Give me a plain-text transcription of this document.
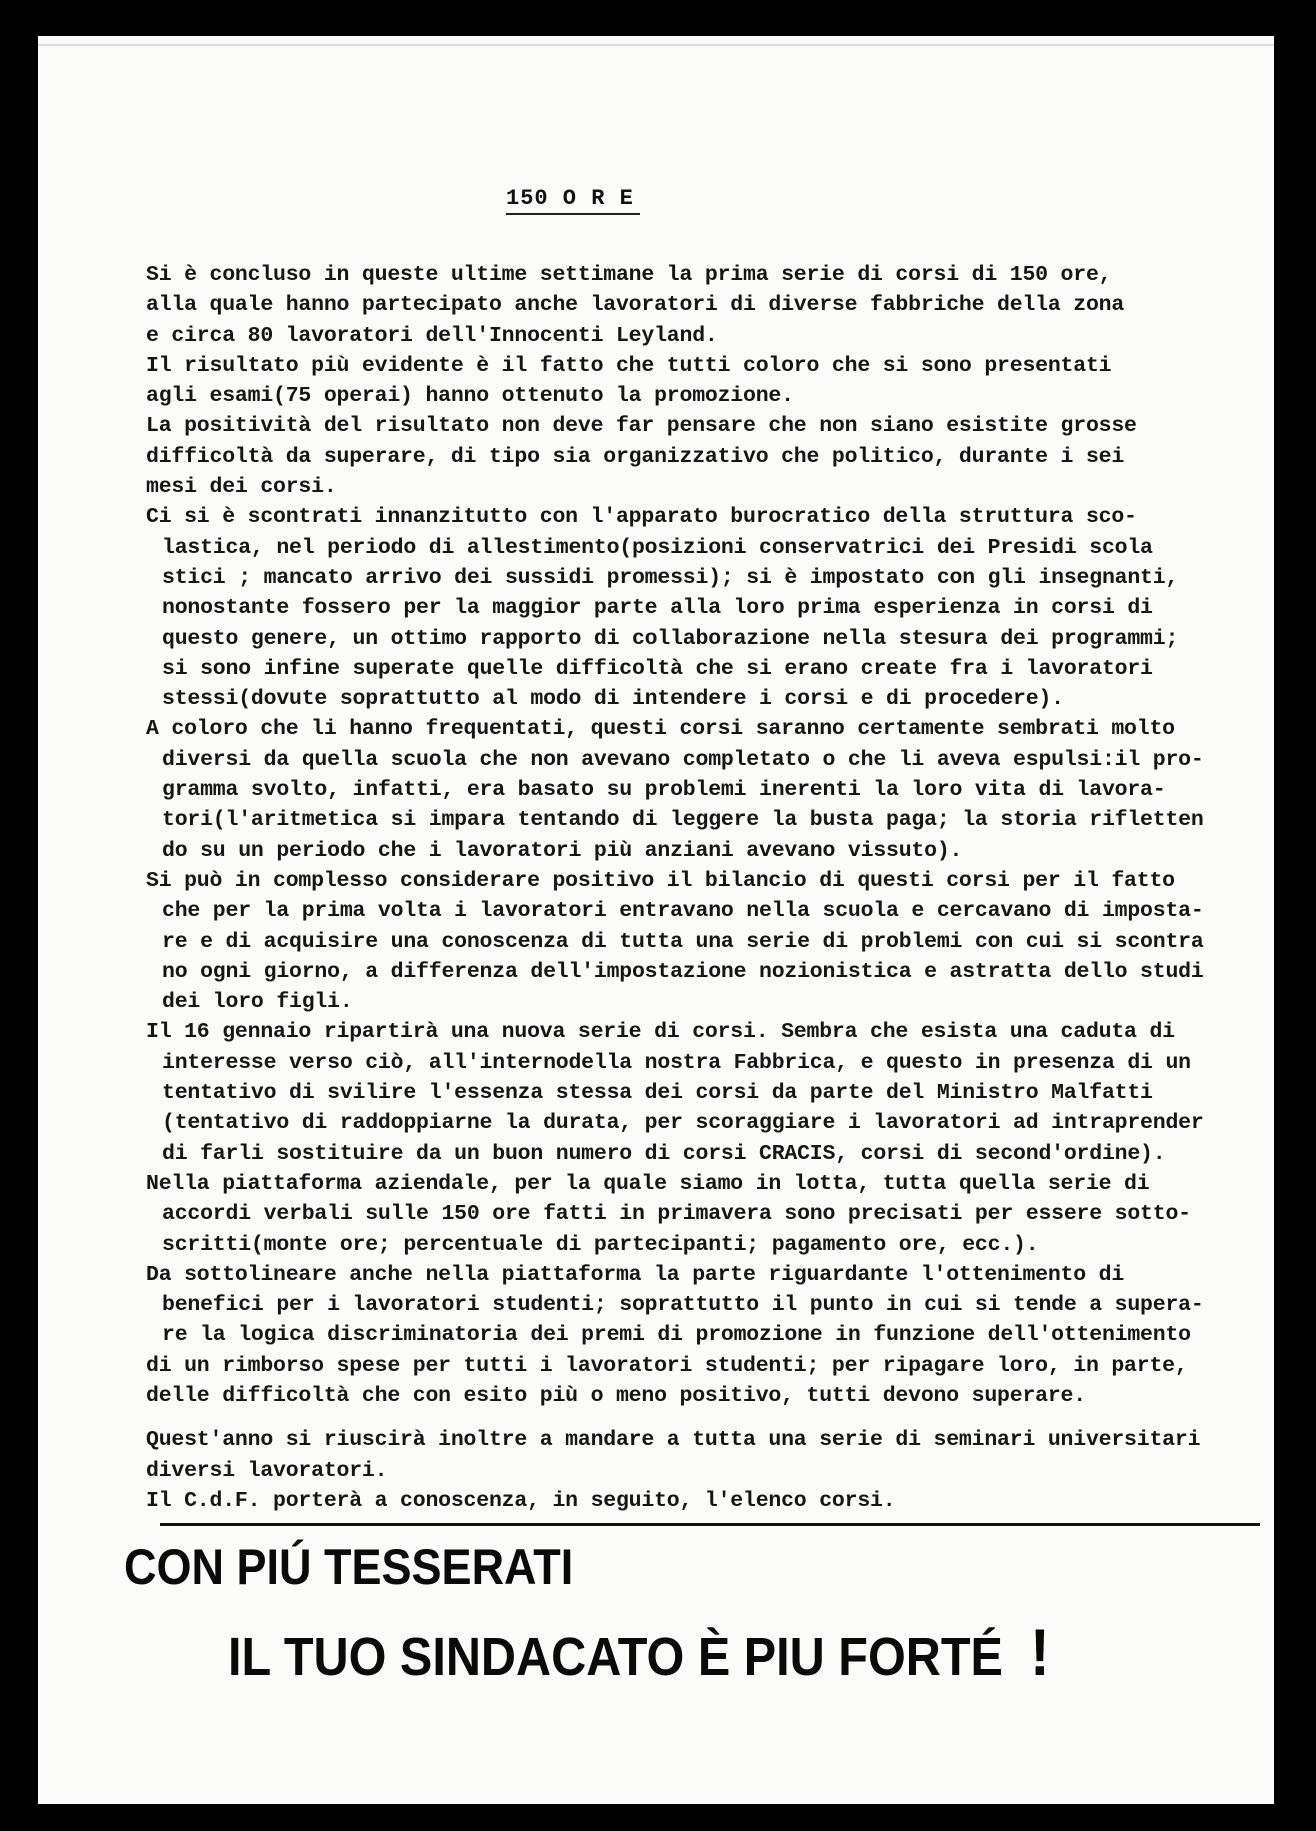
150 O R E

Si è concluso in queste ultime settimane la prima serie di corsi di 150 ore,

alla quale hanno partecipato anche lavoratori di diverse fabbriche della zona

e circa 80 lavoratori dell'Innocenti Leyland.

Il risultato più evidente è il fatto che tutti coloro che si sono presentati

agli esami(75 operai) hanno ottenuto la promozione.

La positività del risultato non deve far pensare che non siano esistite grosse

difficoltà da superare, di tipo sia organizzativo che politico, durante i sei

mesi dei corsi.

Ci si è scontrati innanzitutto con l'apparato burocratico della struttura sco-

lastica, nel periodo di allestimento(posizioni conservatrici dei Presidi scola

stici ; mancato arrivo dei sussidi promessi); si è impostato con gli insegnanti,

nonostante fossero per la maggior parte alla loro prima esperienza in corsi di

questo genere, un ottimo rapporto di collaborazione nella stesura dei programmi;

si sono infine superate quelle difficoltà che si erano create fra i lavoratori

stessi(dovute soprattutto al modo di intendere i corsi e di procedere).

A coloro che li hanno frequentati, questi corsi saranno certamente sembrati molto

diversi da quella scuola che non avevano completato o che li aveva espulsi:il pro-

gramma svolto, infatti, era basato su problemi inerenti la loro vita di lavora-

tori(l'aritmetica si impara tentando di leggere la busta paga; la storia rifletten

do su un periodo che i lavoratori più anziani avevano vissuto).

Si può in complesso considerare positivo il bilancio di questi corsi per il fatto

che per la prima volta i lavoratori entravano nella scuola e cercavano di imposta-

re e di acquisire una conoscenza di tutta una serie di problemi con cui si scontra

no ogni giorno, a differenza dell'impostazione nozionistica e astratta dello studi

dei loro figli.

Il 16 gennaio ripartirà una nuova serie di corsi. Sembra che esista una caduta di

interesse verso ciò, all'internodella nostra Fabbrica, e questo in presenza di un

tentativo di svilire l'essenza stessa dei corsi da parte del Ministro Malfatti

(tentativo di raddoppiarne la durata, per scoraggiare i lavoratori ad intraprender

di farli sostituire da un buon numero di corsi CRACIS, corsi di second'ordine).

Nella piattaforma aziendale, per la quale siamo in lotta, tutta quella serie di

accordi verbali sulle 150 ore fatti in primavera sono precisati per essere sotto-

scritti(monte ore; percentuale di partecipanti; pagamento ore, ecc.).

Da sottolineare anche nella piattaforma la parte riguardante l'ottenimento di

benefici per i lavoratori studenti; soprattutto il punto in cui si tende a supera-

re la logica discriminatoria dei premi di promozione in funzione dell'ottenimento

di un rimborso spese per tutti i lavoratori studenti; per ripagare loro, in parte,

delle difficoltà che con esito più o meno positivo, tutti devono superare.

Quest'anno si riuscirà inoltre a mandare a tutta una serie di seminari universitari

diversi lavoratori.

Il C.d.F. porterà a conoscenza, in seguito, l'elenco corsi.

CON PIÚ TESSERATI
IL TUO SINDACATO È PIU FORTÉ !
